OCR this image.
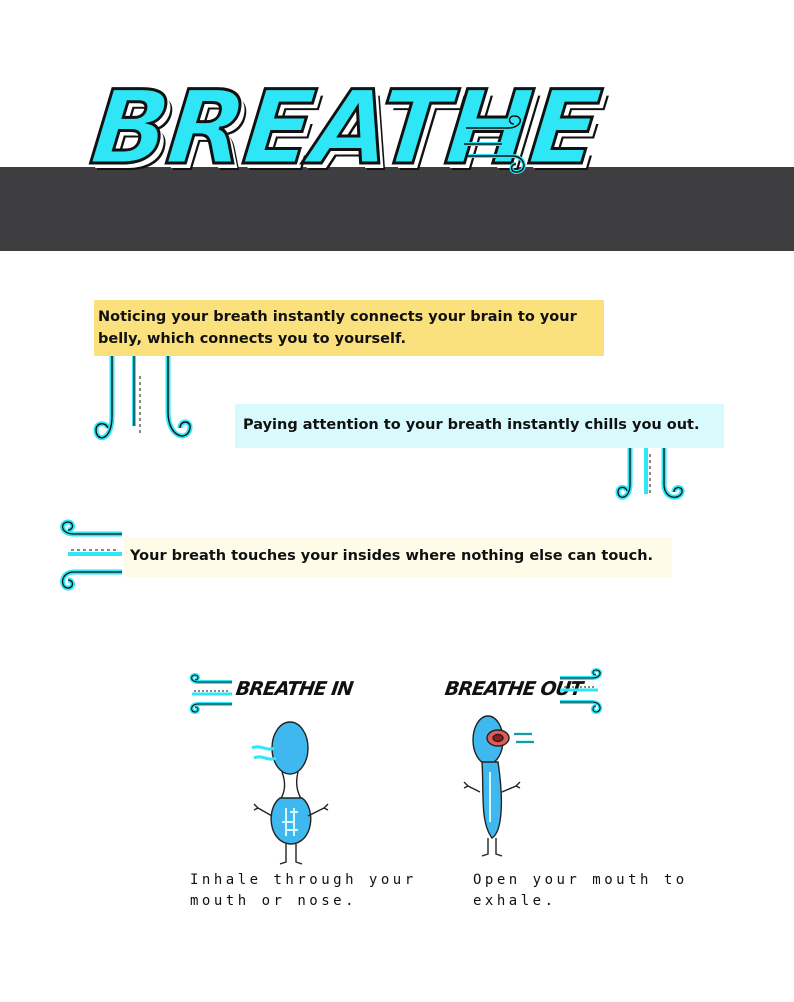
BREATHE
Noticing your breath instantly connects your brain to your belly, which connects you to yourself.
Paying attention to your breath instantly chills you out.
Your breath touches your insides where nothing else can touch.
BREATHE IN
Inhale through your mouth or nose.
BREATHE OUT
Open your mouth to exhale.
